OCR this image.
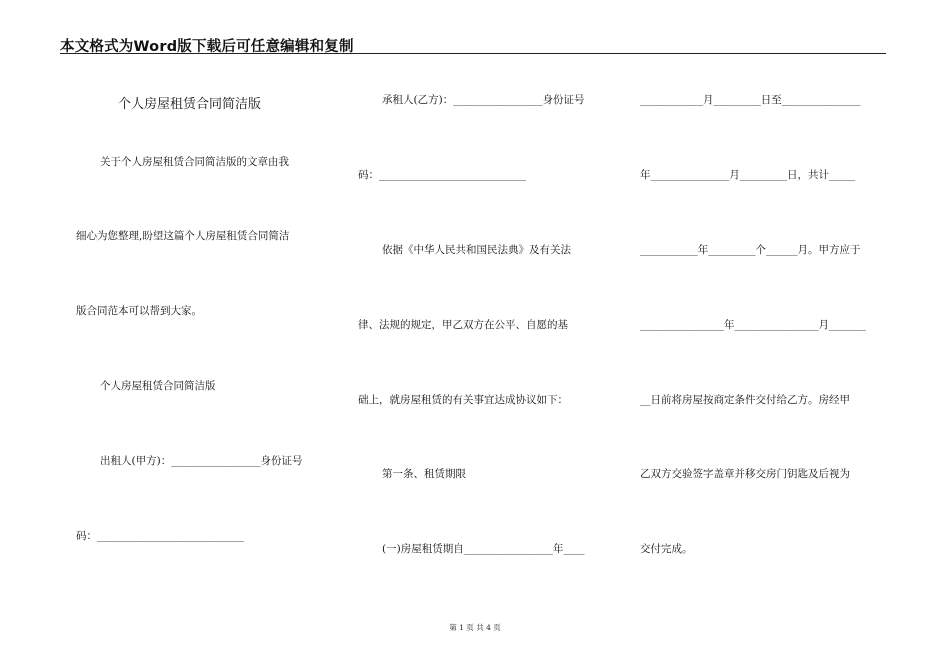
本文格式为Word版下载后可任意编辑和复制
个人房屋租赁合同简洁版
关于个人房屋租赁合同简洁版的文章由我
细心为您整理,盼望这篇个人房屋租赁合同简洁
版合同范本可以帮到大家。
个人房屋租赁合同简洁版
出租人(甲方)：_________________身份证号
码：____________________________
承租人(乙方)：_________________身份证号
码：____________________________
依据《中华人民共和国民法典》及有关法
律、法规的规定，甲乙双方在公平、自愿的基
础上，就房屋租赁的有关事宜达成协议如下：
第一条、租赁期限
(一)房屋租赁期自_________________年____
____________月_________日至_______________
年_______________月_________日，共计_____
___________年_________个______月。甲方应于
________________年________________月_______
__日前将房屋按商定条件交付给乙方。房经甲
乙双方交验签字盖章并移交房门钥匙及后视为
交付完成。
第 1 页 共 4 页
